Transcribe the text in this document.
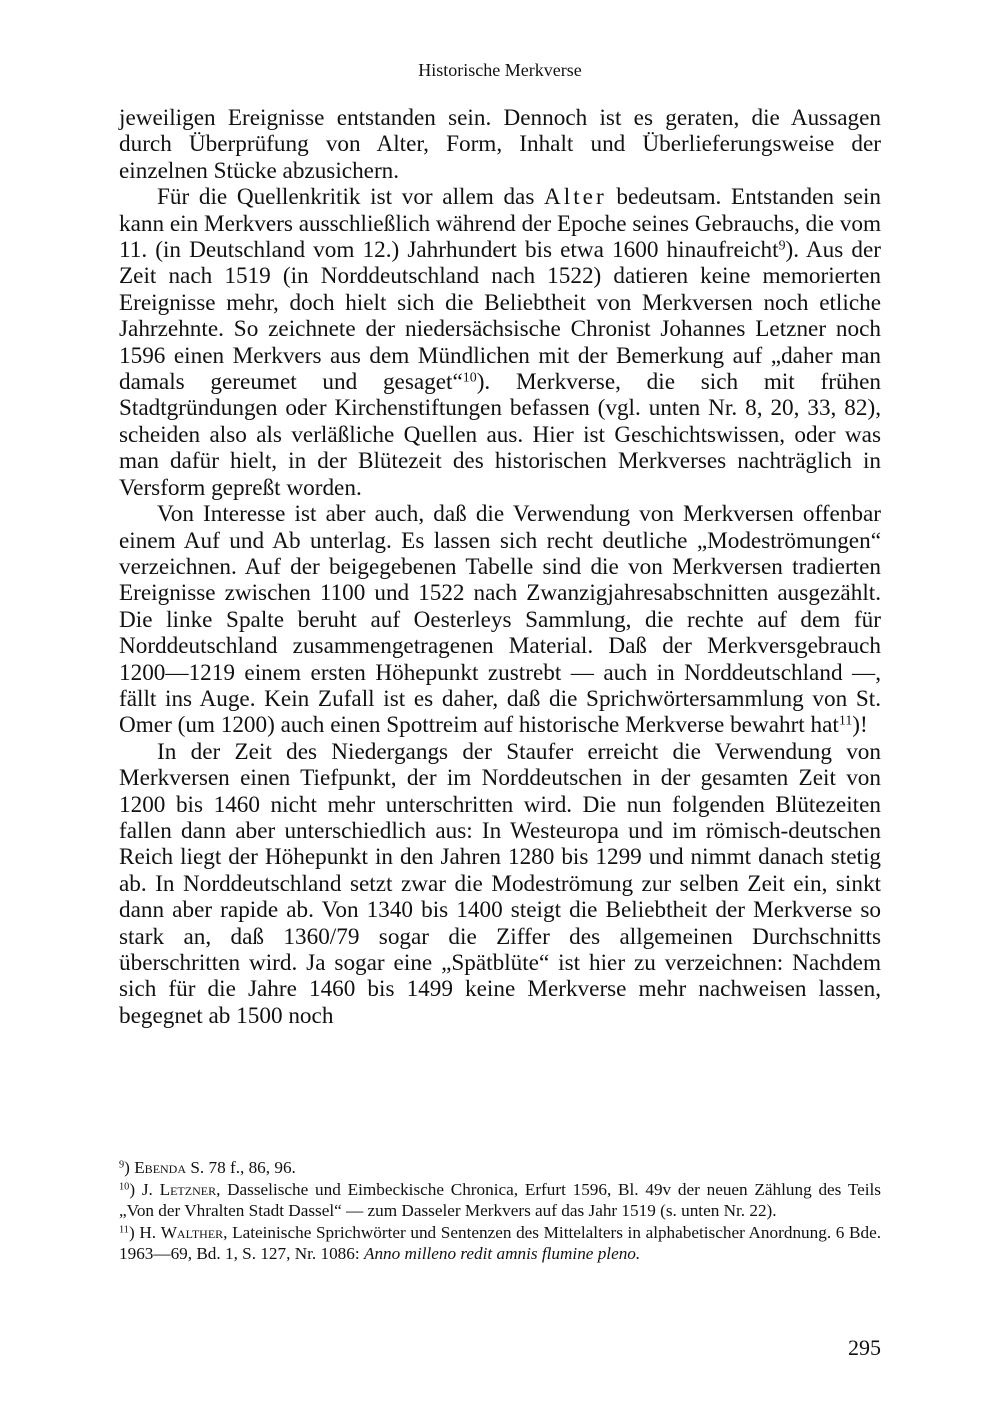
Historische Merkverse

jeweiligen Ereignisse entstanden sein. Dennoch ist es geraten, die Aussagen durch Überprüfung von Alter, Form, Inhalt und Überlieferungsweise der einzelnen Stücke abzusichern.

Für die Quellenkritik ist vor allem das Alter bedeutsam. Entstanden sein kann ein Merkvers ausschließlich während der Epoche seines Gebrauchs, die vom 11. (in Deutschland vom 12.) Jahrhundert bis etwa 1600 hinaufreicht$^9$). Aus der Zeit nach 1519 (in Norddeutschland nach 1522) datieren keine memorierten Ereignisse mehr, doch hielt sich die Beliebtheit von Merkversen noch etliche Jahrzehnte. So zeichnete der niedersächsische Chronist Johannes Letzner noch 1596 einen Merkvers aus dem Mündlichen mit der Bemerkung auf „daher man damals gereumet und gesaget“$^{10}$). Merkverse, die sich mit frühen Stadtgründungen oder Kirchenstiftungen befassen (vgl. unten Nr. 8, 20, 33, 82), scheiden also als verläßliche Quellen aus. Hier ist Geschichtswissen, oder was man dafür hielt, in der Blütezeit des historischen Merkverses nachträglich in Versform gepreßt worden.

Von Interesse ist aber auch, daß die Verwendung von Merkversen offenbar einem Auf und Ab unterlag. Es lassen sich recht deutliche „Modeströmungen“ verzeichnen. Auf der beigegebenen Tabelle sind die von Merkversen tradierten Ereignisse zwischen 1100 und 1522 nach Zwanzigjahresabschnitten ausgezählt. Die linke Spalte beruht auf Oesterleys Sammlung, die rechte auf dem für Norddeutschland zusammengetragenen Material. Daß der Merkversgebrauch 1200—1219 einem ersten Höhepunkt zustrebt — auch in Norddeutschland —, fällt ins Auge. Kein Zufall ist es daher, daß die Sprichwörtersammlung von St. Omer (um 1200) auch einen Spottreim auf historische Merkverse bewahrt hat$^{11}$)!

In der Zeit des Niedergangs der Staufer erreicht die Verwendung von Merkversen einen Tiefpunkt, der im Norddeutschen in der gesamten Zeit von 1200 bis 1460 nicht mehr unterschritten wird. Die nun folgenden Blütezeiten fallen dann aber unterschiedlich aus: In Westeuropa und im römisch-deutschen Reich liegt der Höhepunkt in den Jahren 1280 bis 1299 und nimmt danach stetig ab. In Norddeutschland setzt zwar die Modeströmung zur selben Zeit ein, sinkt dann aber rapide ab. Von 1340 bis 1400 steigt die Beliebtheit der Merkverse so stark an, daß 1360/79 sogar die Ziffer des allgemeinen Durchschnitts überschritten wird. Ja sogar eine „Spätblüte“ ist hier zu verzeichnen: Nachdem sich für die Jahre 1460 bis 1499 keine Merkverse mehr nachweisen lassen, begegnet ab 1500 noch

$^9$) Ebenda S. 78 f., 86, 96.

$^{10}$) J. Letzner, Dasselische und Eimbeckische Chronica, Erfurt 1596, Bl. 49v der neuen Zählung des Teils „Von der Vhralten Stadt Dassel“ — zum Dasseler Merkvers auf das Jahr 1519 (s. unten Nr. 22).

$^{11}$) H. Walther, Lateinische Sprichwörter und Sentenzen des Mittelalters in alphabetischer Anordnung. 6 Bde. 1963—69, Bd. 1, S. 127, Nr. 1086: Anno milleno redit amnis flumine pleno.

295
